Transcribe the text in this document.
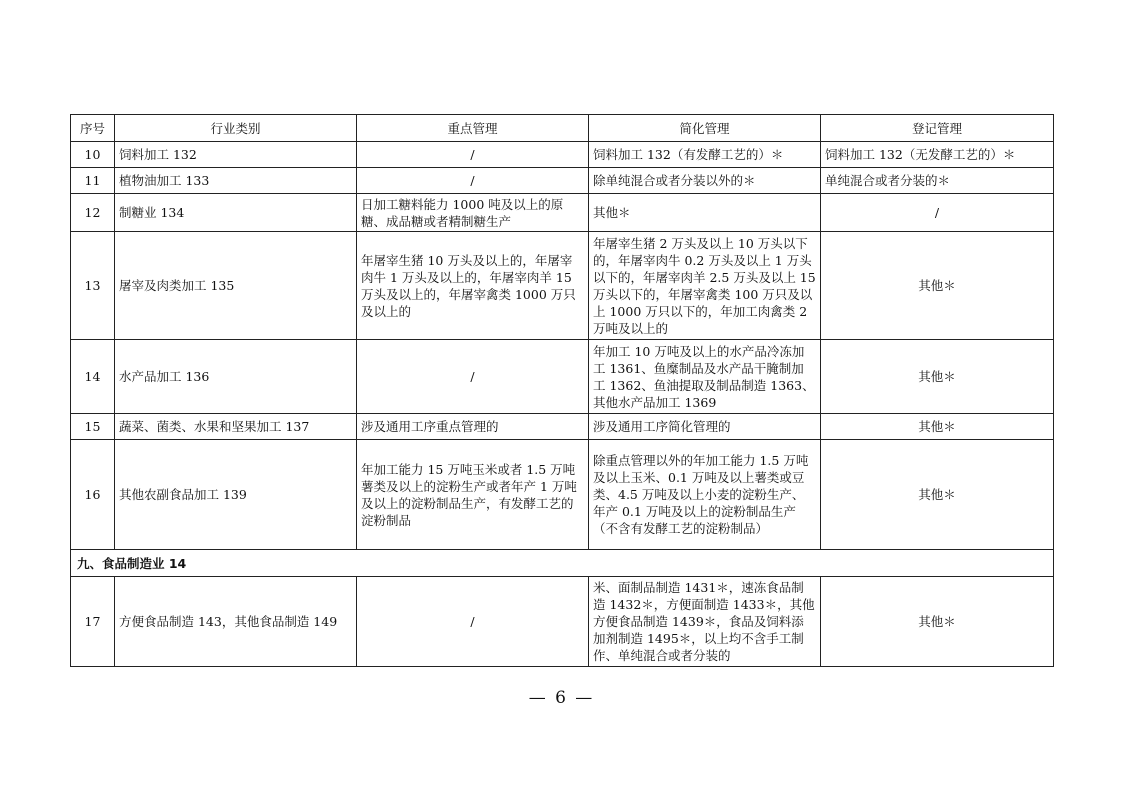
序号	行业类别	重点管理	简化管理	登记管理
10	饲料加工 132	/	饲料加工 132（有发酵工艺的）＊	饲料加工 132（无发酵工艺的）＊
11	植物油加工 133	/	除单纯混合或者分装以外的＊	单纯混合或者分装的＊
12	制糖业 134	日加工糖料能力 1000 吨及以上的原糖、成品糖或者精制糖生产	其他＊	/
13	屠宰及肉类加工 135	年屠宰生猪 10 万头及以上的，年屠宰肉牛 1 万头及以上的，年屠宰肉羊 15 万头及以上的，年屠宰禽类 1000 万只及以上的	年屠宰生猪 2 万头及以上 10 万头以下的，年屠宰肉牛 0.2 万头及以上 1 万头以下的，年屠宰肉羊 2.5 万头及以上 15 万头以下的，年屠宰禽类 100 万只及以上 1000 万只以下的，年加工肉禽类 2 万吨及以上的	其他＊
14	水产品加工 136	/	年加工 10 万吨及以上的水产品冷冻加工 1361、鱼糜制品及水产品干腌制加工 1362、鱼油提取及制品制造 1363、其他水产品加工 1369	其他＊
15	蔬菜、菌类、水果和坚果加工 137	涉及通用工序重点管理的	涉及通用工序简化管理的	其他＊
16	其他农副食品加工 139	年加工能力 15 万吨玉米或者 1.5 万吨薯类及以上的淀粉生产或者年产 1 万吨及以上的淀粉制品生产，有发酵工艺的淀粉制品	除重点管理以外的年加工能力 1.5 万吨及以上玉米、0.1 万吨及以上薯类或豆类、4.5 万吨及以上小麦的淀粉生产、年产 0.1 万吨及以上的淀粉制品生产（不含有发酵工艺的淀粉制品）	其他＊
九、食品制造业 14				
17	方便食品制造 143，其他食品制造 149	/	米、面制品制造 1431＊，速冻食品制造 1432＊，方便面制造 1433＊，其他方便食品制造 1439＊，食品及饲料添加剂制造 1495＊，以上均不含手工制作、单纯混合或者分装的	其他＊
— 6 —
